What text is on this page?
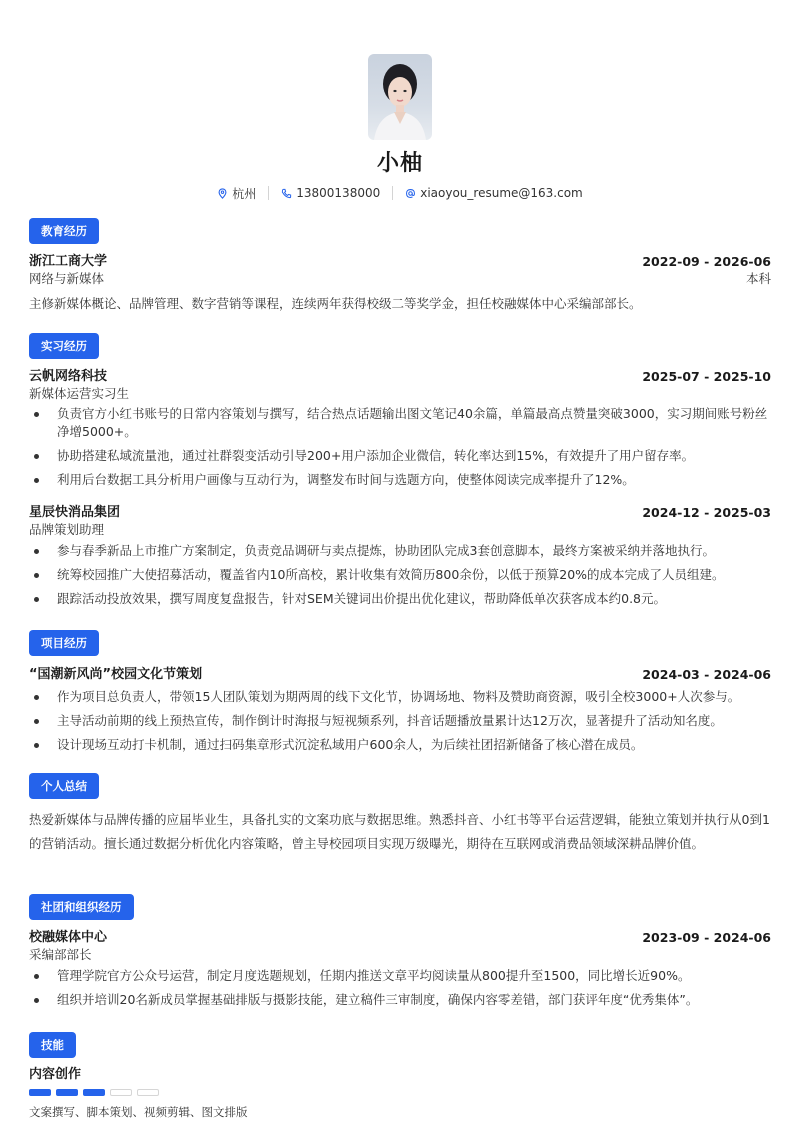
小柚
杭州	13800138000	xiaoyou_resume@163.com
教育经历
浙江工商大学	2022-09 - 2026-06
网络与新媒体	本科
主修新媒体概论、品牌管理、数字营销等课程，连续两年获得校级二等奖学金，担任校融媒体中心采编部部长。
实习经历
云帆网络科技	2025-07 - 2025-10
新媒体运营实习生
负责官方小红书账号的日常内容策划与撰写，结合热点话题输出图文笔记40余篇，单篇最高点赞量突破3000，实习期间账号粉丝净增5000+。
协助搭建私域流量池，通过社群裂变活动引导200+用户添加企业微信，转化率达到15%，有效提升了用户留存率。
利用后台数据工具分析用户画像与互动行为，调整发布时间与选题方向，使整体阅读完成率提升了12%。
星辰快消品集团	2024-12 - 2025-03
品牌策划助理
参与春季新品上市推广方案制定，负责竞品调研与卖点提炼，协助团队完成3套创意脚本，最终方案被采纳并落地执行。
统筹校园推广大使招募活动，覆盖省内10所高校，累计收集有效简历800余份，以低于预算20%的成本完成了人员组建。
跟踪活动投放效果，撰写周度复盘报告，针对SEM关键词出价提出优化建议，帮助降低单次获客成本约0.8元。
项目经历
“国潮新风尚”校园文化节策划	2024-03 - 2024-06
作为项目总负责人，带领15人团队策划为期两周的线下文化节，协调场地、物料及赞助商资源，吸引全校3000+人次参与。
主导活动前期的线上预热宣传，制作倒计时海报与短视频系列，抖音话题播放量累计达12万次，显著提升了活动知名度。
设计现场互动打卡机制，通过扫码集章形式沉淀私域用户600余人，为后续社团招新储备了核心潜在成员。
个人总结
热爱新媒体与品牌传播的应届毕业生，具备扎实的文案功底与数据思维。熟悉抖音、小红书等平台运营逻辑，能独立策划并执行从0到1的营销活动。擅长通过数据分析优化内容策略，曾主导校园项目实现万级曝光，期待在互联网或消费品领域深耕品牌价值。
社团和组织经历
校融媒体中心	2023-09 - 2024-06
采编部部长
管理学院官方公众号运营，制定月度选题规划，任期内推送文章平均阅读量从800提升至1500，同比增长近90%。
组织并培训20名新成员掌握基础排版与摄影技能，建立稿件三审制度，确保内容零差错，部门获评年度“优秀集体”。
技能
内容创作
文案撰写、脚本策划、视频剪辑、图文排版
